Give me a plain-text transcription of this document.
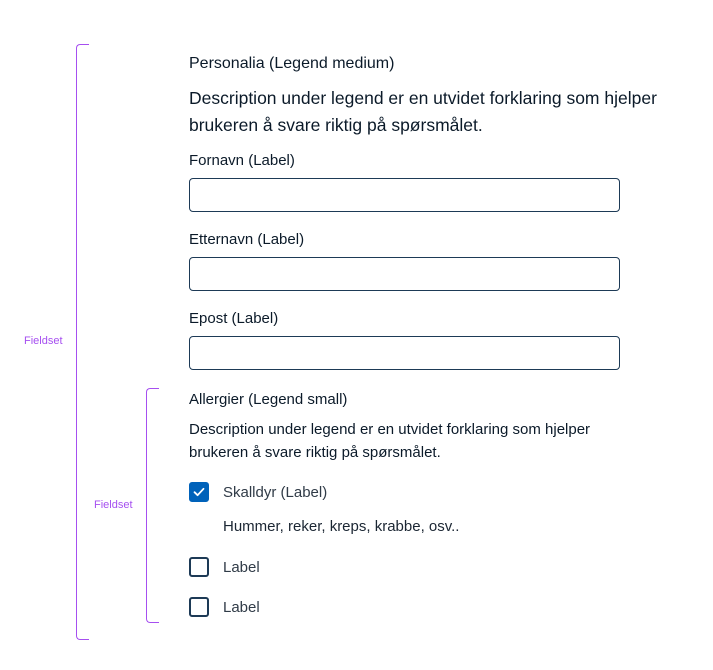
Fieldset
Fieldset
Personalia (Legend medium)
Description under legend er en utvidet forklaring som hjelper brukeren å svare riktig på spørsmålet.
Fornavn (Label)
Etternavn (Label)
Epost (Label)
Allergier (Legend small)
Description under legend er en utvidet forklaring som hjelper brukeren å svare riktig på spørsmålet.
Skalldyr (Label)
Hummer, reker, kreps, krabbe, osv..
Label
Label
